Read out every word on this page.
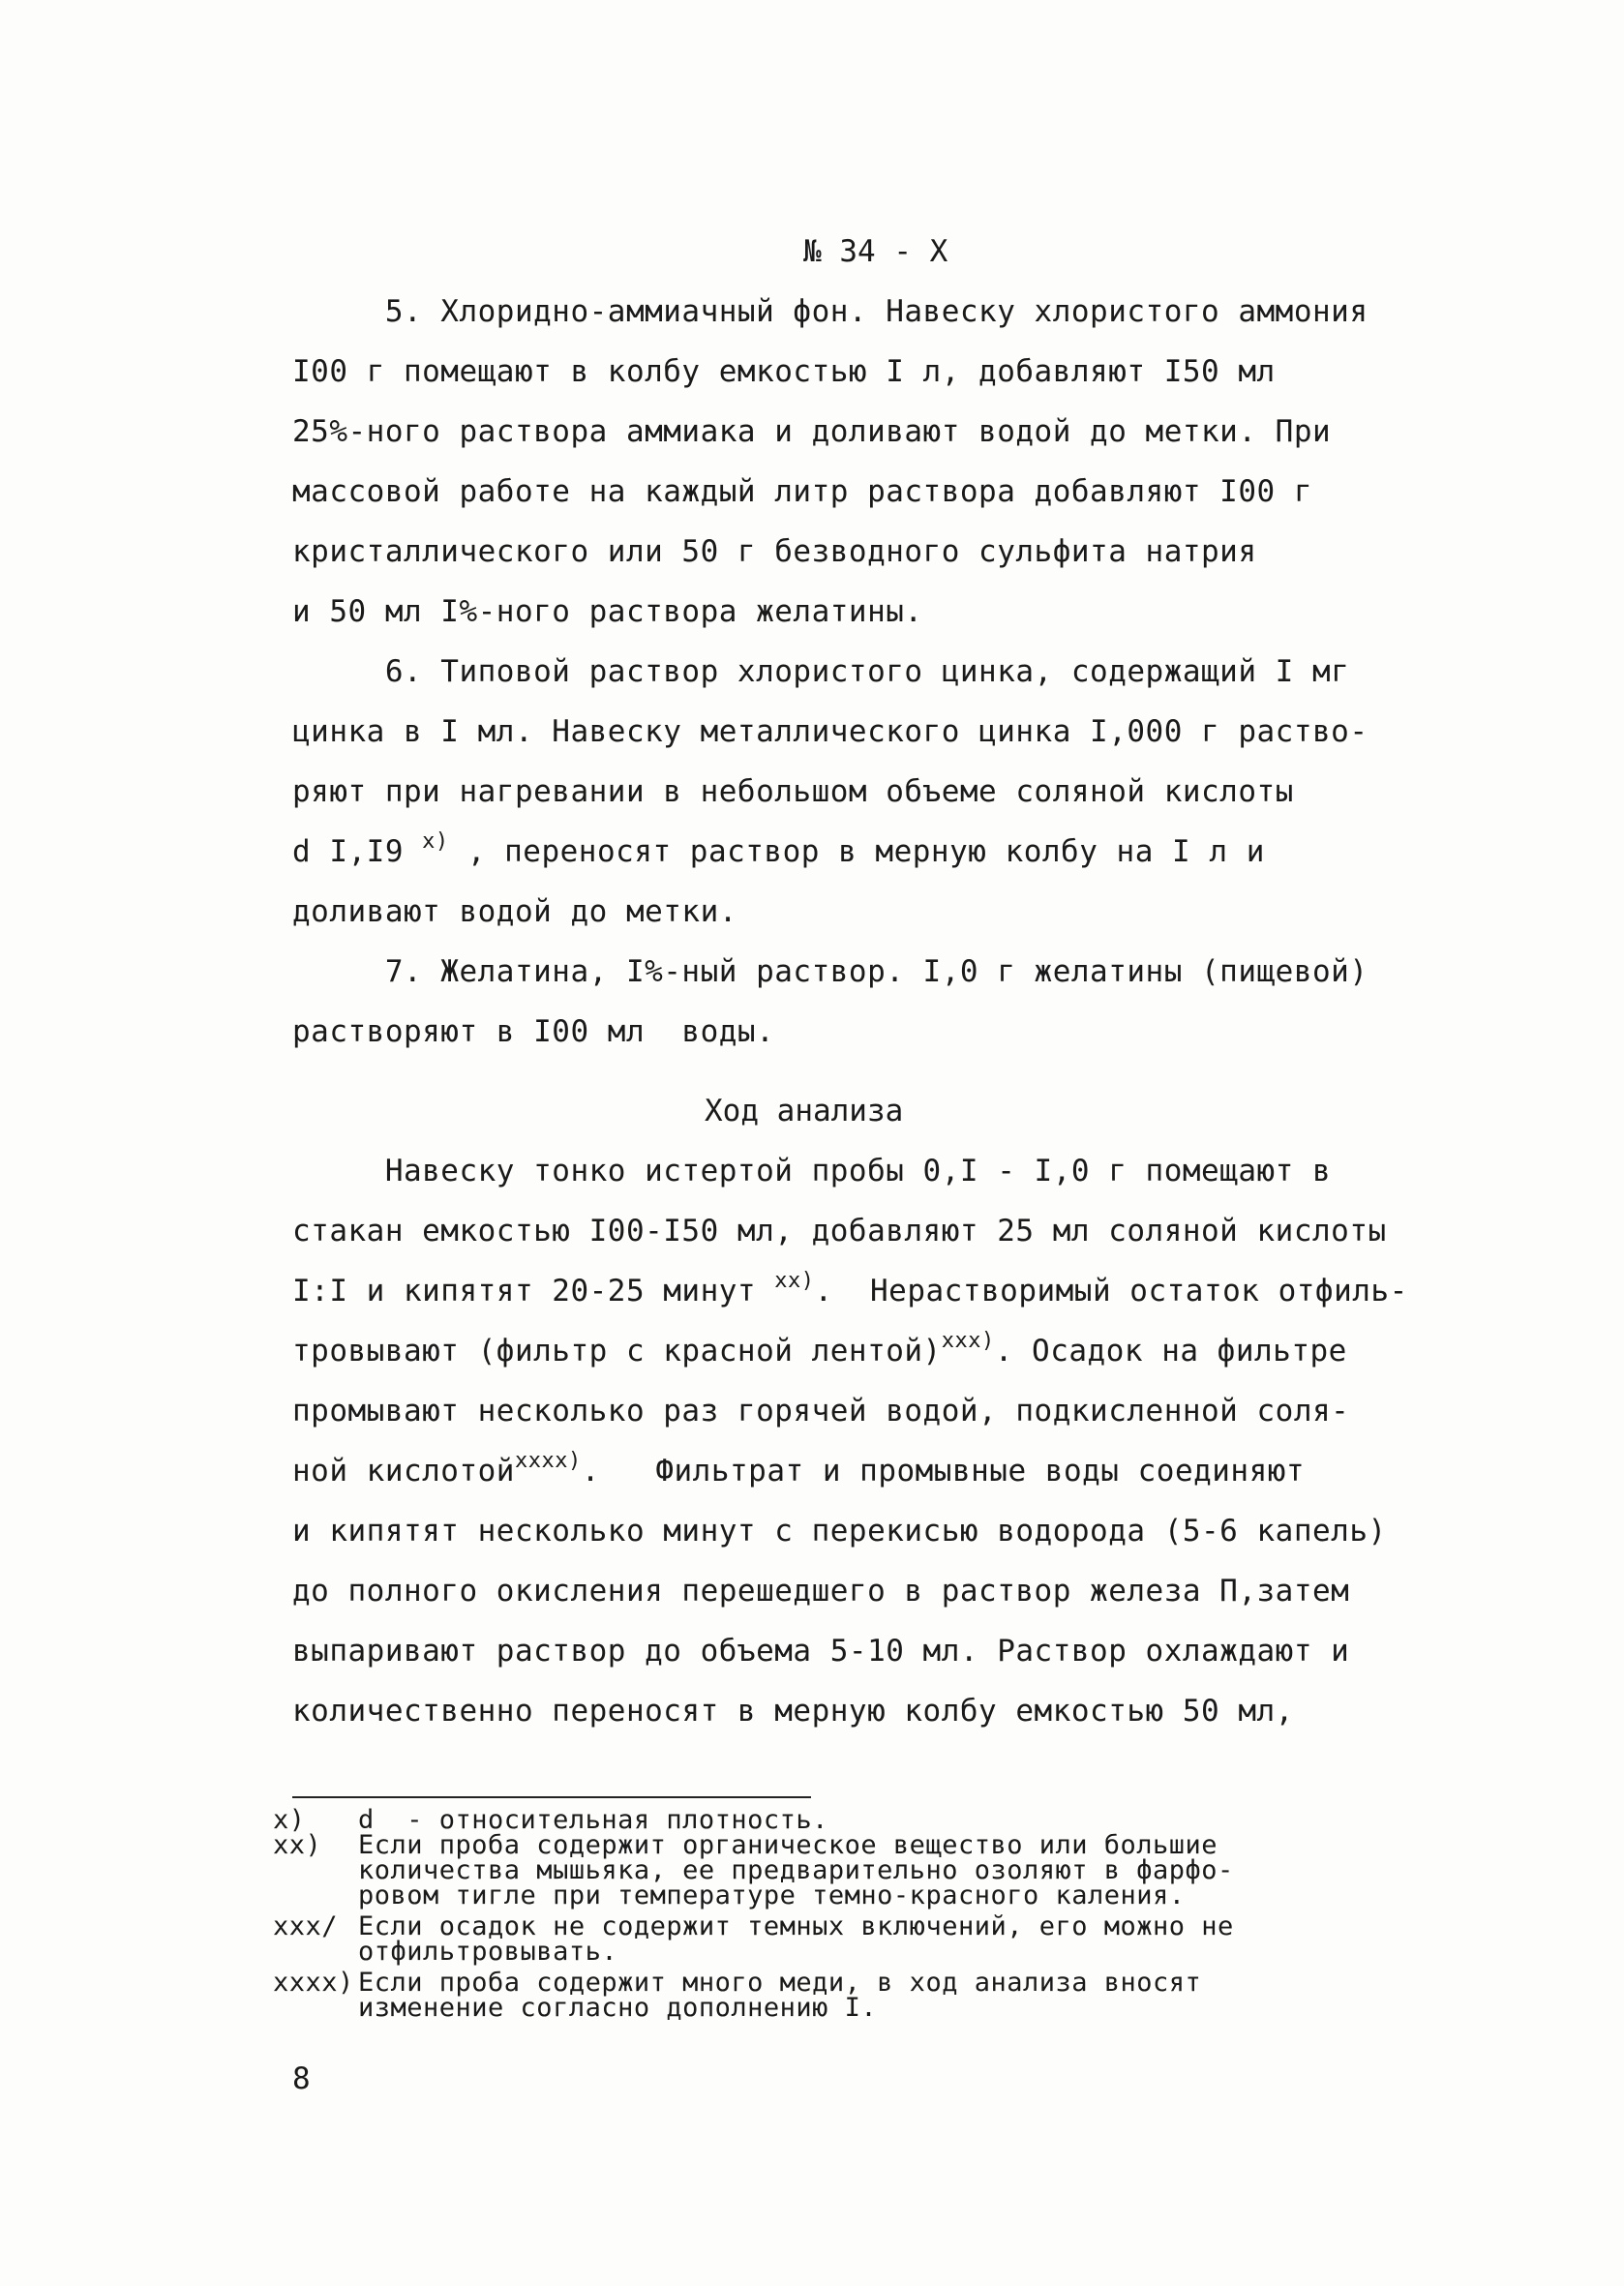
№ 34 - Х
5. Хлоридно-аммиачный фон. Навеску хлористого аммония
I00 г помещают в колбу емкостью I л, добавляют I50 мл
25%-ного раствора аммиака и доливают водой до метки. При
массовой работе на каждый литр раствора добавляют I00 г
кристаллического или 50 г безводного сульфита натрия
и 50 мл I%-ного раствора желатины.
6. Типовой раствор хлористого цинка, содержащий I мг
цинка в I мл. Навеску металлического цинка I,000 г раство-
ряют при нагревании в небольшом объеме соляной кислоты
d I,I9 $^{x)}$ , переносят раствор в мерную колбу на I л и
доливают водой до метки.
7. Желатина, I%-ный раствор. I,0 г желатины (пищевой)
растворяют в I00 мл  воды.
Ход анализа
Навеску тонко истертой пробы 0,I - I,0 г помещают в
стакан емкостью I00-I50 мл, добавляют 25 мл соляной кислоты
I:I и кипятят 20-25 минут $^{xx)}$.  Нерастворимый остаток отфиль-
тровывают (фильтр с красной лентой)$^{xxx)}$. Осадок на фильтре
промывают несколько раз горячей водой, подкисленной соля-
ной кислотой$^{xxxx)}$.   Фильтрат и промывные воды соединяют
и кипятят несколько минут с перекисью водорода (5-6 капель)
до полного окисления перешедшего в раствор железа П,затем
выпаривают раствор до объема 5-10 мл. Раствор охлаждают и
количественно переносят в мерную колбу емкостью 50 мл,
x) d  - относительная плотность.
xx) Если проба содержит органическое вещество или большие
количества мышьяка, ее предварительно озоляют в фарфо-
ровом тигле при температуре темно-красного каления.
xxx/ Если осадок не содержит темных включений, его можно не
отфильтровывать.
xxxx) Если проба содержит много меди, в ход анализа вносят
изменение согласно дополнению I.
8
